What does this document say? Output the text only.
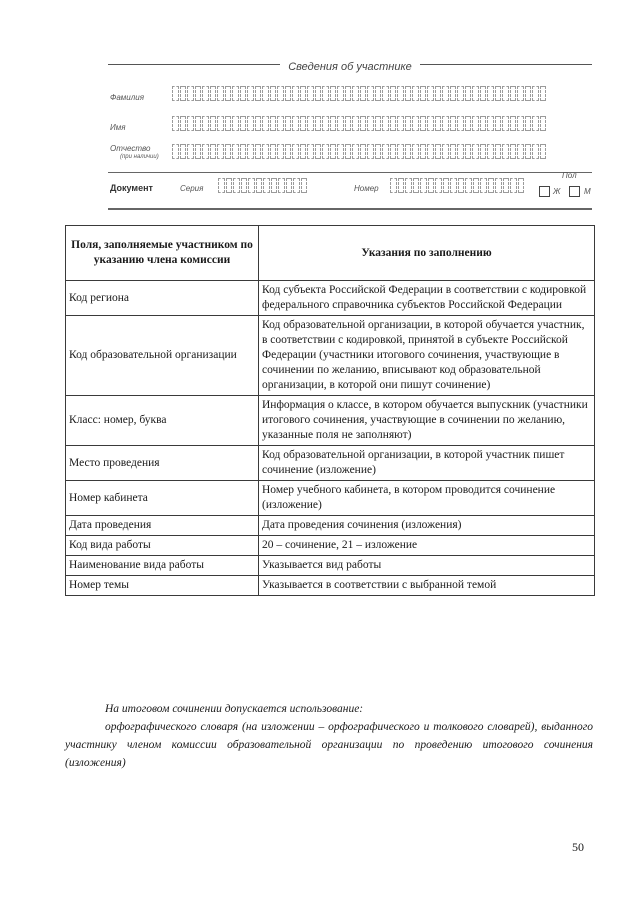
Сведения об участнике
Фамилия
Имя
Отчество
(при наличии)
Документ	Серия	Номер
Пол
Ж	М
Поля, заполняемые участником по указанию члена комиссии	Указания по заполнению
Код региона	Код субъекта Российской Федерации в соответствии с кодировкой федерального справочника субъектов Российской Федерации
Код образовательной организации	Код образовательной организации, в которой обучается участник, в соответствии с кодировкой, принятой в субъекте Российской Федерации (участники итогового сочинения, участвующие в сочинении по желанию, вписывают код образовательной организации, в которой они пишут сочинение)
Класс: номер, буква	Информация о классе, в котором обучается выпускник (участники итогового сочинения, участвующие в сочинении по желанию, указанные поля не заполняют)
Место проведения	Код образовательной организации, в которой участник пишет сочинение (изложение)
Номер кабинета	Номер учебного кабинета, в котором проводится сочинение (изложение)
Дата проведения	Дата проведения сочинения (изложения)
Код вида работы	20 – сочинение, 21 – изложение
Наименование вида работы	Указывается вид работы
Номер темы	Указывается в соответствии с выбранной темой
На итоговом сочинении допускается использование:
орфографического словаря (на изложении – орфографического и толкового словарей), выданного участнику членом комиссии образовательной организации по проведению итогового сочинения (изложения)
50
